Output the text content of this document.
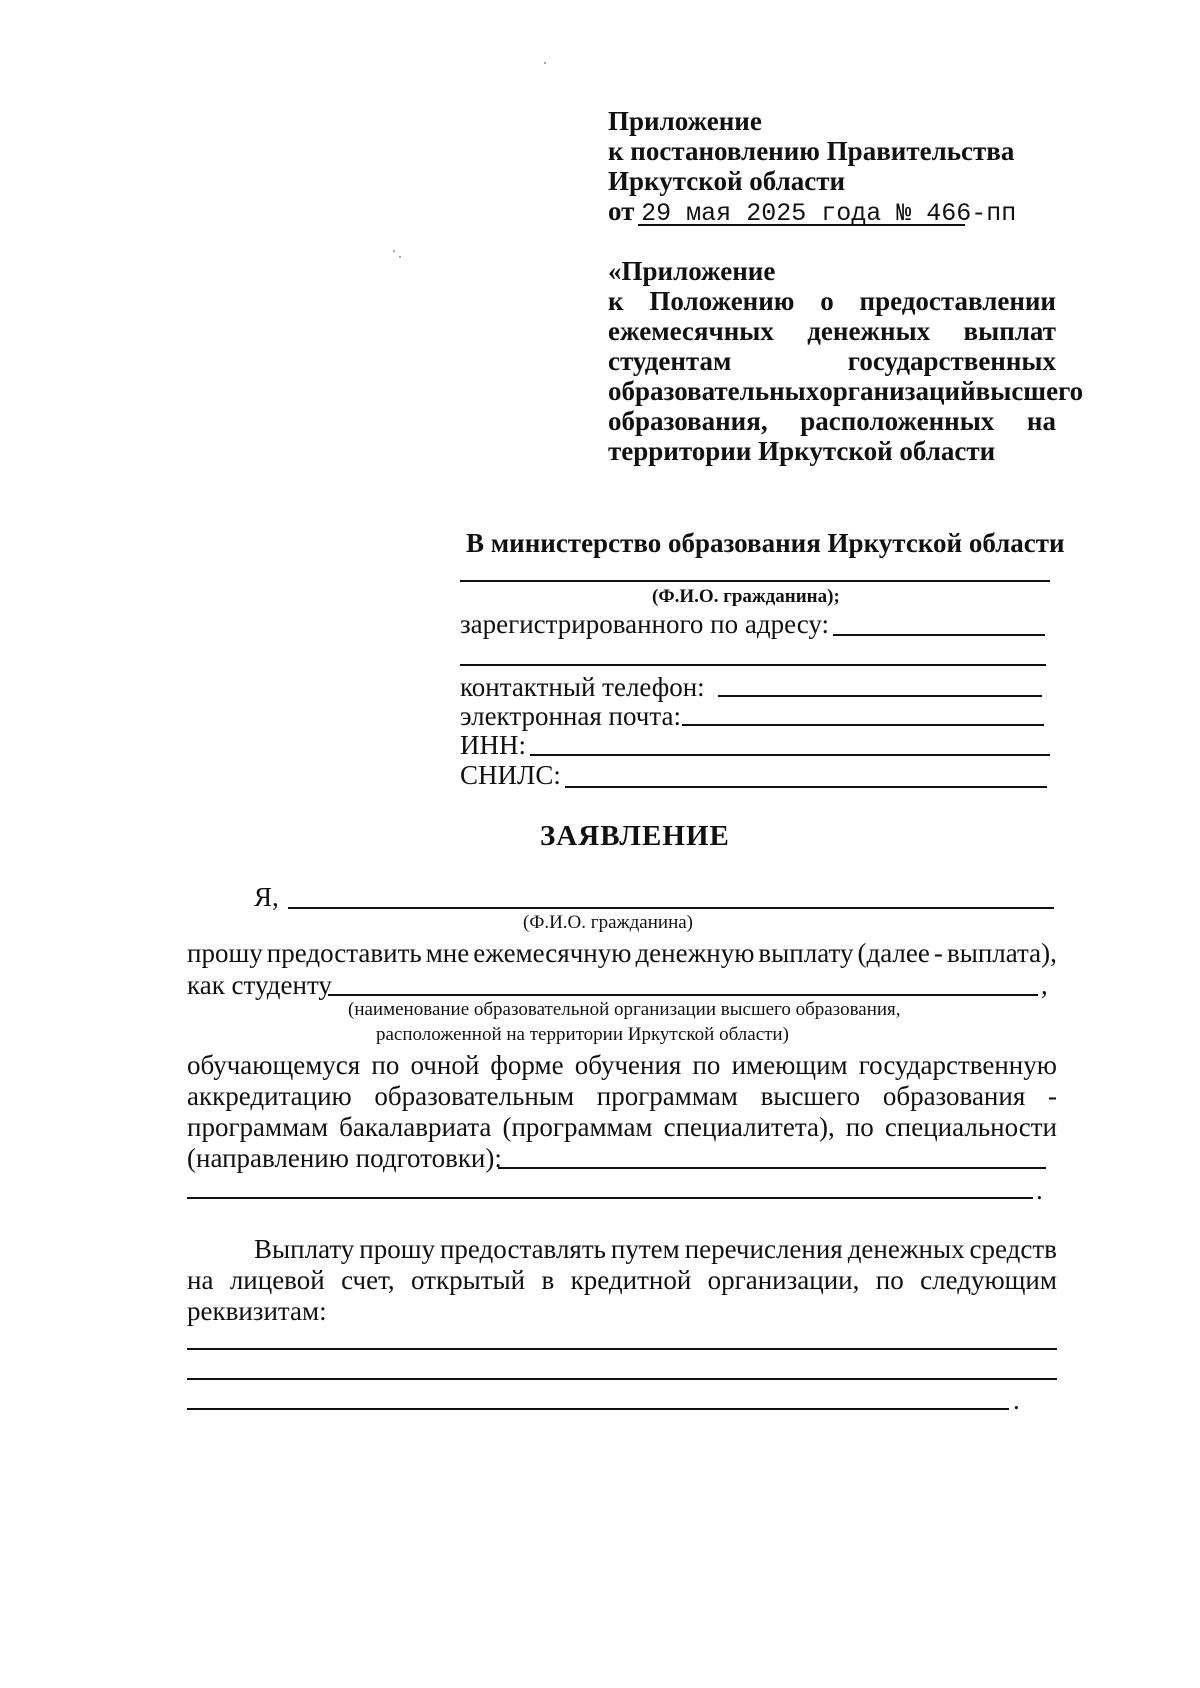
Приложение
к постановлению Правительства
Иркутской области
от 29 мая 2025 года № 466-пп
«Приложение
к Положению о предоставлении
ежемесячных денежных выплат
студентам	государственных
образовательных организаций высшего
образования, расположенных на
территории Иркутской области
В министерство образования Иркутской области
(Ф.И.О. гражданина);
зарегистрированного по адресу:
контактный телефон:
электронная почта:
ИНН:
СНИЛС:
ЗАЯВЛЕНИЕ
Я,
(Ф.И.О. гражданина)
прошу предоставить мне ежемесячную денежную выплату (далее - выплата),
как студенту	,
(наименование образовательной организации высшего образования,
расположенной на территории Иркутской области)
обучающемуся по очной форме обучения по имеющим государственную
аккредитацию образовательным программам высшего образования -
программам бакалавриата (программам специалитета), по специальности
(направлению подготовки):
.
Выплату прошу предоставлять путем перечисления денежных средств
на лицевой счет, открытый в кредитной организации, по следующим
реквизитам:
.
